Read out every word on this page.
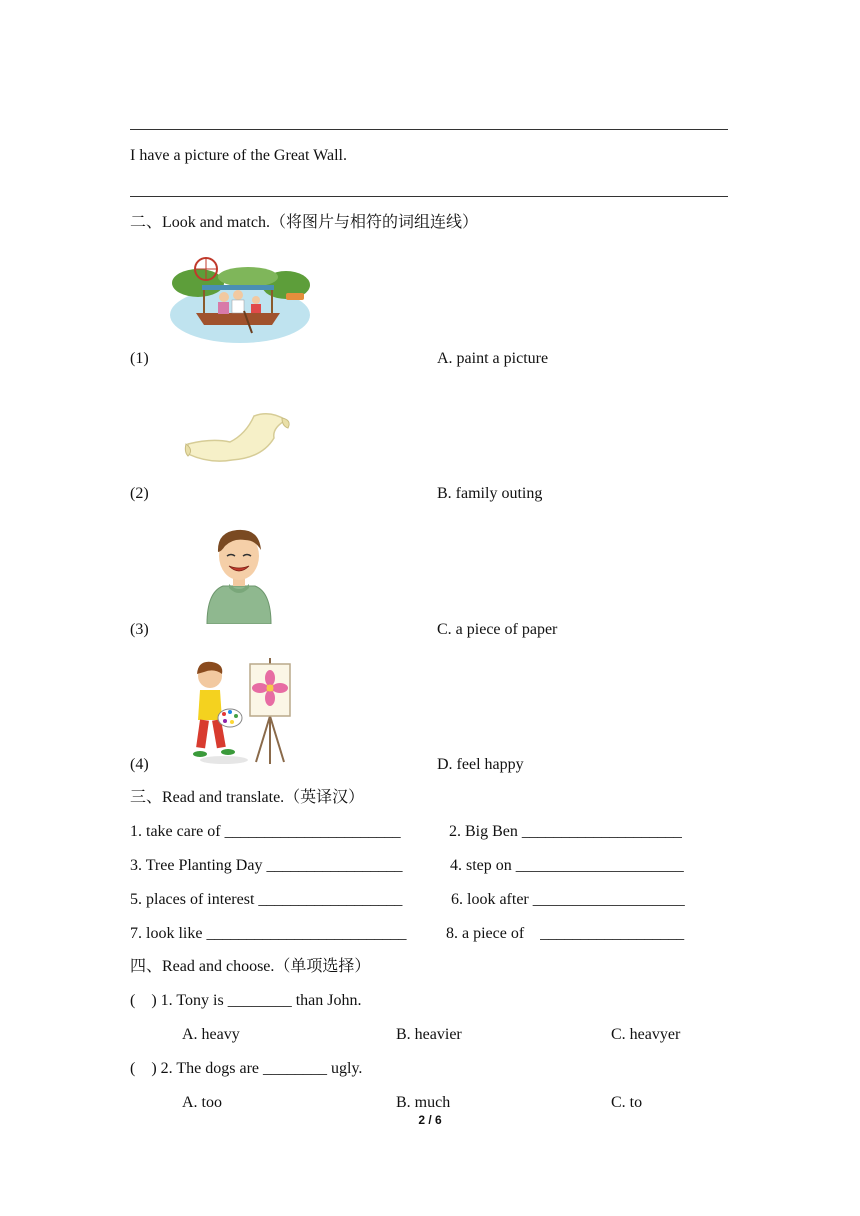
I have a picture of the Great Wall.
二、Look and match.（将图片与相符的词组连线）
(1)	A. paint a picture
(2)	B. family outing
(3)	C. a piece of paper
(4)	D. feel happy
三、Read and translate.（英译汉）
1. take care of ______________________	2. Big Ben ____________________
3. Tree Planting Day _________________	4. step on _____________________
5. places of interest __________________	6. look after ___________________
7. look like _________________________ 8. a piece of    __________________
四、Read and choose.（单项选择）
(    ) 1. Tony is ________ than John.
A. heavy	B. heavier	C. heavyer
(    ) 2. The dogs are ________ ugly.
A. too	B. much	C. to
2 / 6
